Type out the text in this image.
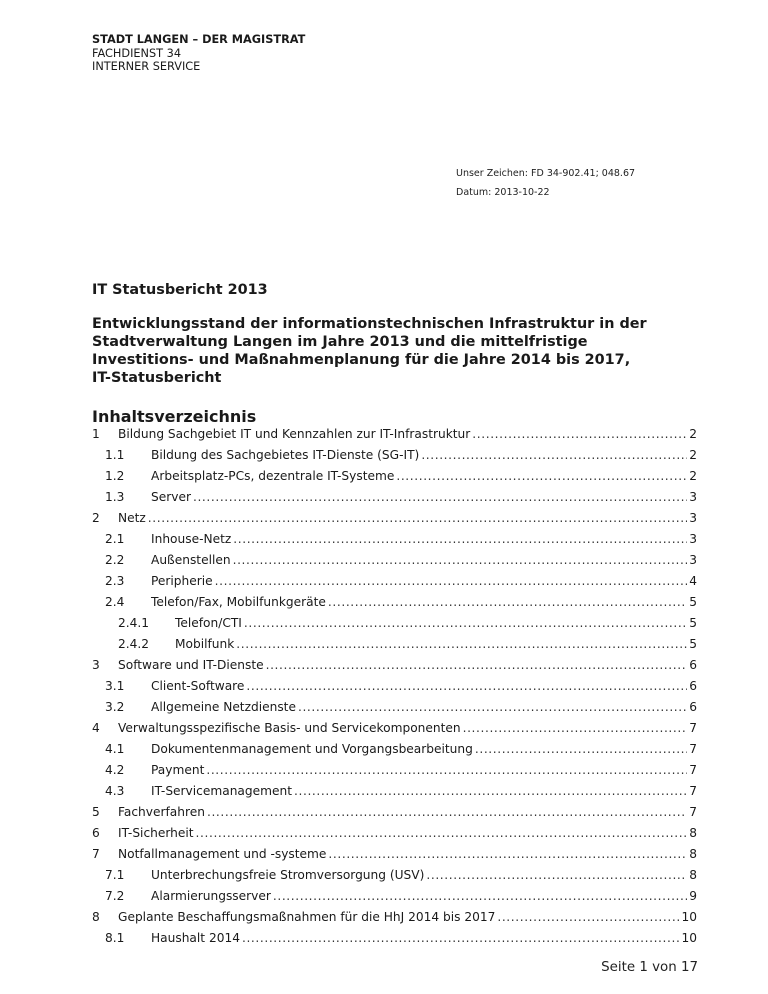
STADT LANGEN – DER MAGISTRAT
FACHDIENST 34
INTERNER SERVICE
Unser Zeichen: FD 34-902.41; 048.67
Datum: 2013-10-22
IT Statusbericht 2013
Entwicklungsstand der informationstechnischen Infrastruktur in der
Stadtverwaltung Langen im Jahre 2013 und die mittelfristige
Investitions- und Maßnahmenplanung für die Jahre 2014 bis 2017,
IT-Statusbericht
Inhaltsverzeichnis
1	Bildung Sachgebiet IT und Kennzahlen zur IT-Infrastruktur .....	2
1.1	Bildung des Sachgebietes IT-Dienste (SG-IT) .....	2
1.2	Arbeitsplatz-PCs, dezentrale IT-Systeme .....	2
1.3	Server .....	3
2	Netz .....	3
2.1	Inhouse-Netz .....	3
2.2	Außenstellen .....	3
2.3	Peripherie .....	4
2.4	Telefon/Fax, Mobilfunkgeräte .....	5
2.4.1	Telefon/CTI .....	5
2.4.2	Mobilfunk .....	5
3	Software und IT-Dienste .....	6
3.1	Client-Software .....	6
3.2	Allgemeine Netzdienste .....	6
4	Verwaltungsspezifische Basis- und Servicekomponenten .....	7
4.1	Dokumentenmanagement und Vorgangsbearbeitung .....	7
4.2	Payment .....	7
4.3	IT-Servicemanagement .....	7
5	Fachverfahren .....	7
6	IT-Sicherheit .....	8
7	Notfallmanagement und -systeme .....	8
7.1	Unterbrechungsfreie Stromversorgung (USV) .....	8
7.2	Alarmierungsserver .....	9
8	Geplante Beschaffungsmaßnahmen für die HhJ 2014 bis 2017 .....	10
8.1	Haushalt 2014 .....	10
Seite 1 von 17
